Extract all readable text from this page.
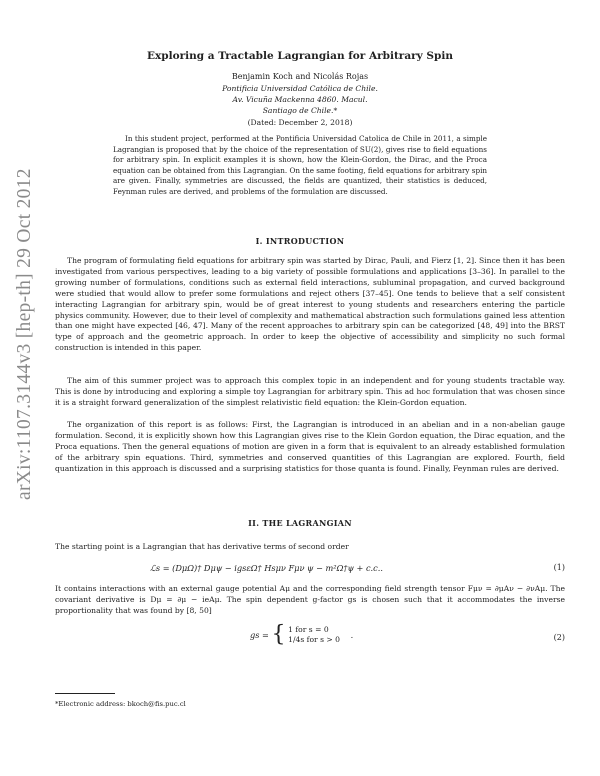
Exploring a Tractable Lagrangian for Arbitrary Spin
Benjamin Koch and Nicolás Rojas
Pontificia Universidad Católica de Chile.
Av. Vicuña Mackenna 4860. Macul.
Santiago de Chile.*
(Dated: December 2, 2018)
In this student project, performed at the Pontificia Universidad Catolica de Chile in 2011, a simple Lagrangian is proposed that by the choice of the representation of SU(2), gives rise to field equations for arbitrary spin. In explicit examples it is shown, how the Klein-Gordon, the Dirac, and the Proca equation can be obtained from this Lagrangian. On the same footing, field equations for arbitrary spin are given. Finally, symmetries are discussed, the fields are quantized, their statistics is deduced, Feynman rules are derived, and problems of the formulation are discussed.
arXiv:1107.3144v3 [hep-th] 29 Oct 2012	I. INTRODUCTION
The program of formulating field equations for arbitrary spin was started by Dirac, Pauli, and Fierz [1, 2]. Since then it has been investigated from various perspectives, leading to a big variety of possible formulations and applications [3–36]. In parallel to the growing number of formulations, conditions such as external field interactions, subluminal propagation, and curved background were studied that would allow to prefer some formulations and reject others [37–45]. One tends to believe that a self consistent interacting Lagrangian for arbitrary spin, would be of great interest to young students and researchers entering the particle physics community. However, due to their level of complexity and mathematical abstraction such formulations gained less attention than one might have expected [46, 47]. Many of the recent approaches to arbitrary spin can be categorized [48, 49] into the BRST type of approach and the geometric approach. In order to keep the objective of accessibility and simplicity no such formal construction is intended in this paper.
The aim of this summer project was to approach this complex topic in an independent and for young students tractable way. This is done by introducing and exploring a simple toy Lagrangian for arbitrary spin. This ad hoc formulation that was chosen since it is a straight forward generalization of the simplest relativistic field equation: the Klein-Gordon equation.
The organization of this report is as follows: First, the Lagrangian is introduced in an abelian and in a non-abelian gauge formulation. Second, it is explicitly shown how this Lagrangian gives rise to the Klein Gordon equation, the Dirac equation, and the Proca equations. Then the general equations of motion are given in a form that is equivalent to an already established formulation of the arbitrary spin equations. Third, symmetries and conserved quantities of this Lagrangian are explored. Fourth, field quantization in this approach is discussed and a surprising statistics for those quanta is found. Finally, Feynman rules are derived.
II. THE LAGRANGIAN
The starting point is a Lagrangian that has derivative terms of second order
ℒs = (DμΩ)† Dμψ − igsεΩ† Hsμν Fμν ψ − m²Ω†ψ + c.c..	(1)
It contains interactions with an external gauge potential Aμ and the corresponding field strength tensor Fμν = ∂μAν − ∂νAμ. The covariant derivative is Dμ = ∂μ − ieAμ. The spin dependent g-factor gs is chosen such that it accommodates the inverse proportionality that was found by [8, 50]
gs = { 1 for s = 0
1/4s for s > 0 .	(2)
*Electronic address: bkoch@fis.puc.cl
